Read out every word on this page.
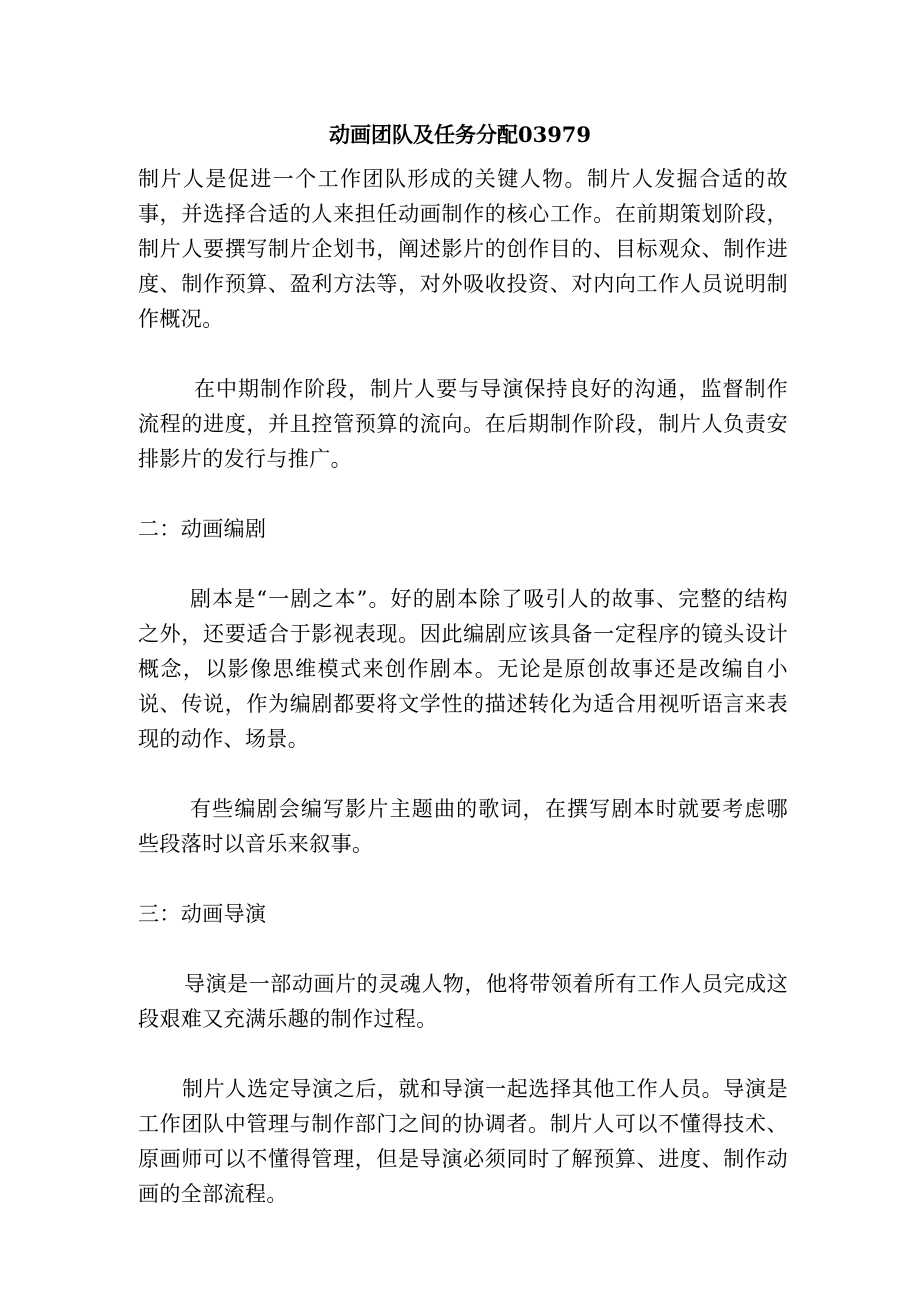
动画团队及任务分配03979

制片人是促进一个工作团队形成的关键人物。制片人发掘合适的故事，并选择合适的人来担任动画制作的核心工作。在前期策划阶段，制片人要撰写制片企划书，阐述影片的创作目的、目标观众、制作进度、制作预算、盈利方法等，对外吸收投资、对内向工作人员说明制作概况。

在中期制作阶段，制片人要与导演保持良好的沟通，监督制作流程的进度，并且控管预算的流向。在后期制作阶段，制片人负责安排影片的发行与推广。

二：动画编剧

剧本是“一剧之本”。好的剧本除了吸引人的故事、完整的结构之外，还要适合于影视表现。因此编剧应该具备一定程序的镜头设计概念，以影像思维模式来创作剧本。无论是原创故事还是改编自小说、传说，作为编剧都要将文学性的描述转化为适合用视听语言来表现的动作、场景。

有些编剧会编写影片主题曲的歌词，在撰写剧本时就要考虑哪些段落时以音乐来叙事。

三：动画导演

导演是一部动画片的灵魂人物，他将带领着所有工作人员完成这段艰难又充满乐趣的制作过程。

制片人选定导演之后，就和导演一起选择其他工作人员。导演是工作团队中管理与制作部门之间的协调者。制片人可以不懂得技术、原画师可以不懂得管理，但是导演必须同时了解预算、进度、制作动画的全部流程。
